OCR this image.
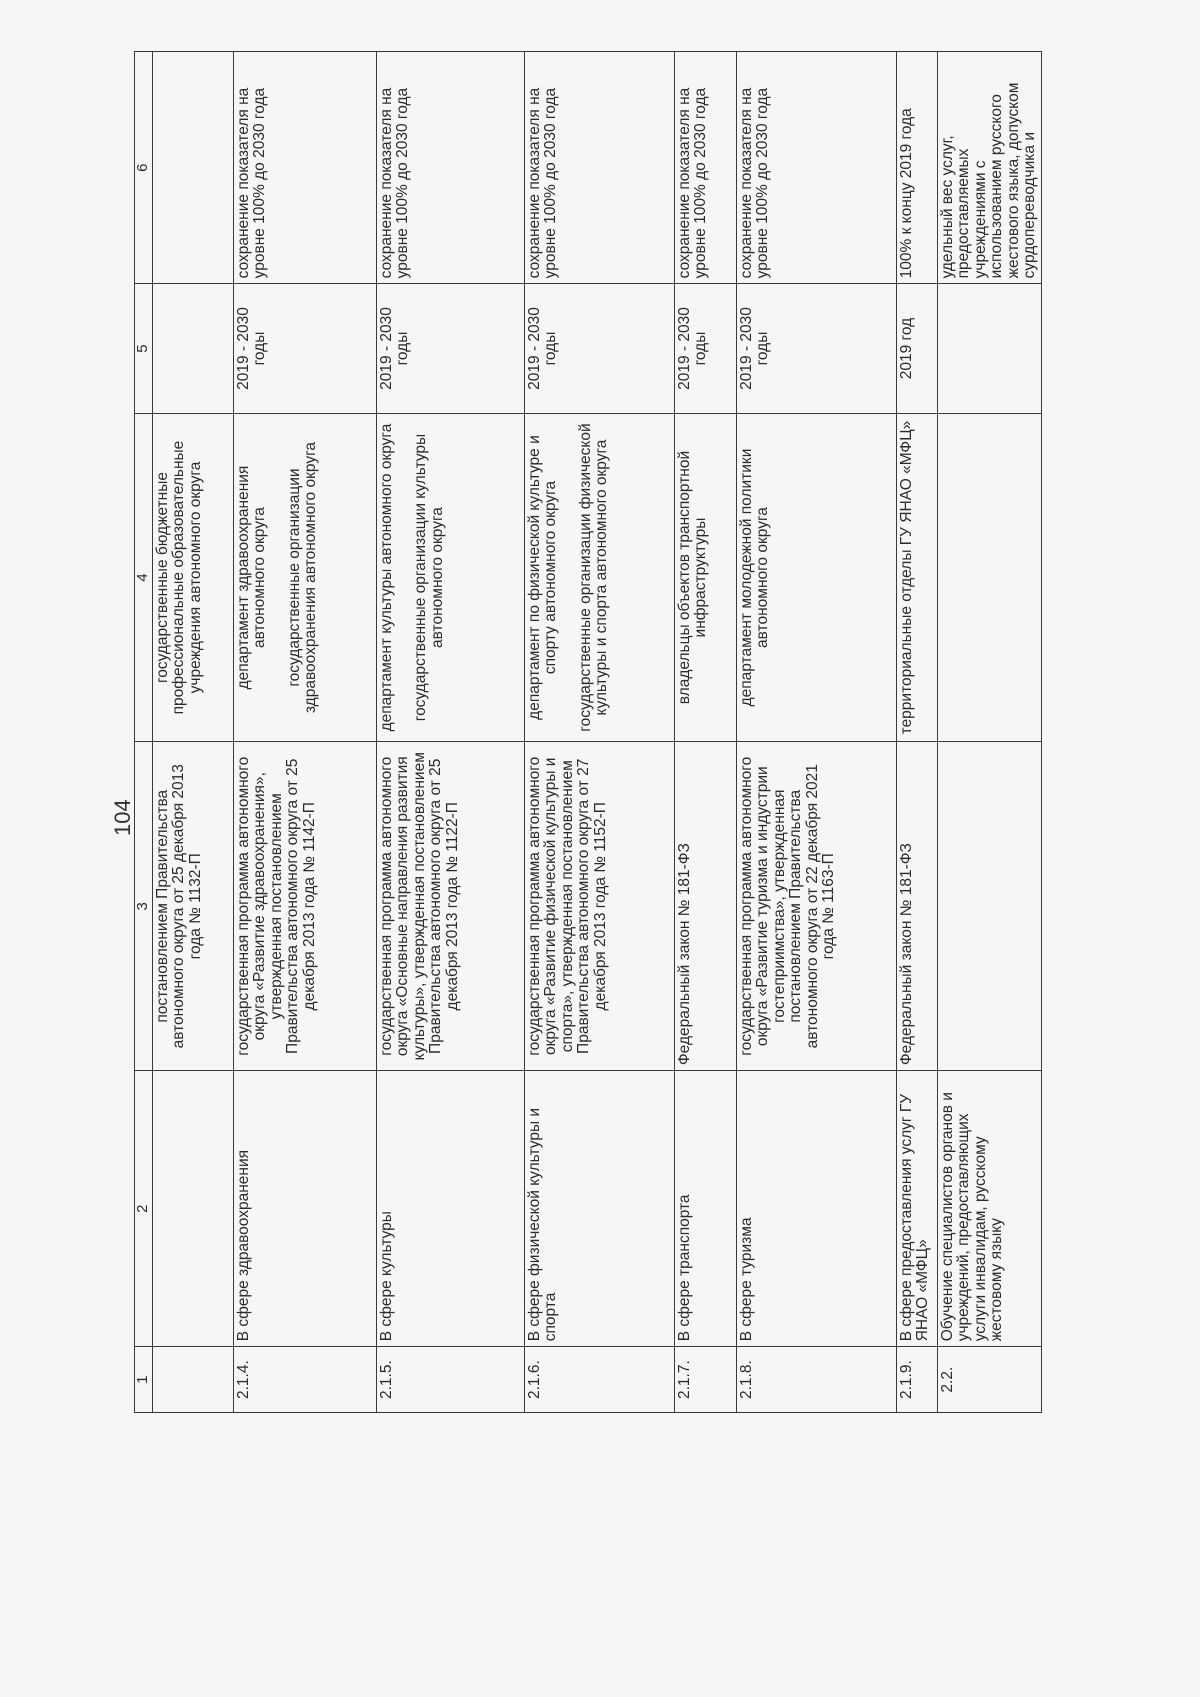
104
1	2	3	4	5	6
		постановлением Правительства автономного округа от 25 декабря 2013 года № 1132-П	государственные бюджетные профессиональные образовательные учреждения автономного округа		
2.1.4.	В сфере здравоохранения	государственная программа автономного округа «Развитие здравоохранения», утвержденная постановлением Правительства автономного округа от 25 декабря 2013 года № 1142-П	департамент здравоохранения автономного округа государственные организации здравоохранения автономного округа	2019 - 2030 годы	сохранение показателя на уровне 100% до 2030 года
2.1.5.	В сфере культуры	государственная программа автономного округа «Основные направления развития культуры», утвержденная постановлением Правительства автономного округа от 25 декабря 2013 года № 1122-П	департамент культуры автономного округа государственные организации культуры автономного округа	2019 - 2030 годы	сохранение показателя на уровне 100% до 2030 года
2.1.6.	В сфере физической культуры и спорта	государственная программа автономного округа «Развитие физической культуры и спорта», утвержденная постановлением Правительства автономного округа от 27 декабря 2013 года № 1152-П	департамент по физической культуре и спорту автономного округа государственные организации физической культуры и спорта автономного округа	2019 - 2030 годы	сохранение показателя на уровне 100% до 2030 года
2.1.7.	В сфере транспорта	Федеральный закон № 181-ФЗ	владельцы объектов транспортной инфраструктуры	2019 - 2030 годы	сохранение показателя на уровне 100% до 2030 года
2.1.8.	В сфере туризма	государственная программа автономного округа «Развитие туризма и индустрии гостеприимства», утвержденная постановлением Правительства автономного округа от 22 декабря 2021 года № 1163-П	департамент молодежной политики автономного округа	2019 - 2030 годы	сохранение показателя на уровне 100% до 2030 года
2.1.9.	В сфере предоставления услуг ГУ ЯНАО «МФЦ»	Федеральный закон № 181-ФЗ	территориальные отделы ГУ ЯНАО «МФЦ»	2019 год	100% к концу 2019 года
2.2.	Обучение специалистов органов и учреждений, предоставляющих услуги инвалидам, русскому жестовому языку				удельный вес услуг, предоставляемых учреждениями с использованием русского жестового языка, допуском сурдопереводчика и
